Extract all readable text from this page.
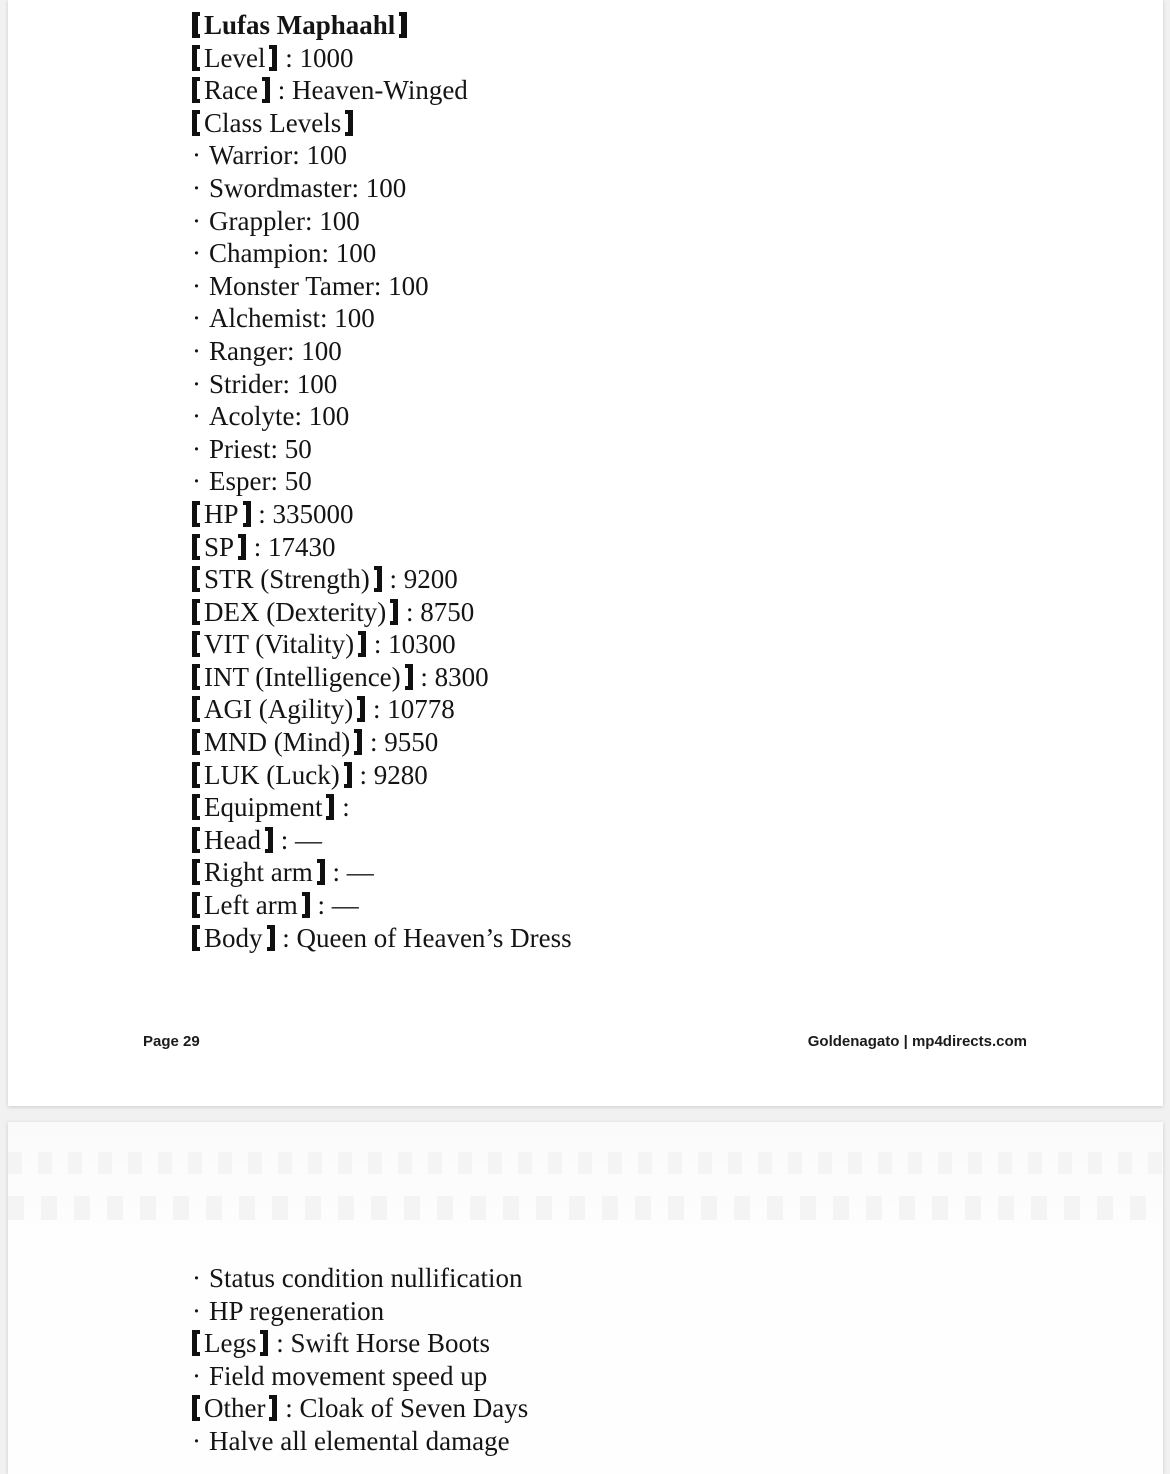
Lufas Maphaahl
Level : 1000
Race : Heaven-Winged
Class Levels
· Warrior: 100
· Swordmaster: 100
· Grappler: 100
· Champion: 100
· Monster Tamer: 100
· Alchemist: 100
· Ranger: 100
· Strider: 100
· Acolyte: 100
· Priest: 50
· Esper: 50
HP : 335000
SP : 17430
STR (Strength) : 9200
DEX (Dexterity) : 8750
VIT (Vitality) : 10300
INT (Intelligence) : 8300
AGI (Agility) : 10778
MND (Mind) : 9550
LUK (Luck) : 9280
Equipment :
Head : —
Right arm : —
Left arm : —
Body : Queen of Heaven’s Dress
Page 29	Goldenagato | mp4directs.com
· Status condition nullification
· HP regeneration
Legs : Swift Horse Boots
· Field movement speed up
Other : Cloak of Seven Days
· Halve all elemental damage
